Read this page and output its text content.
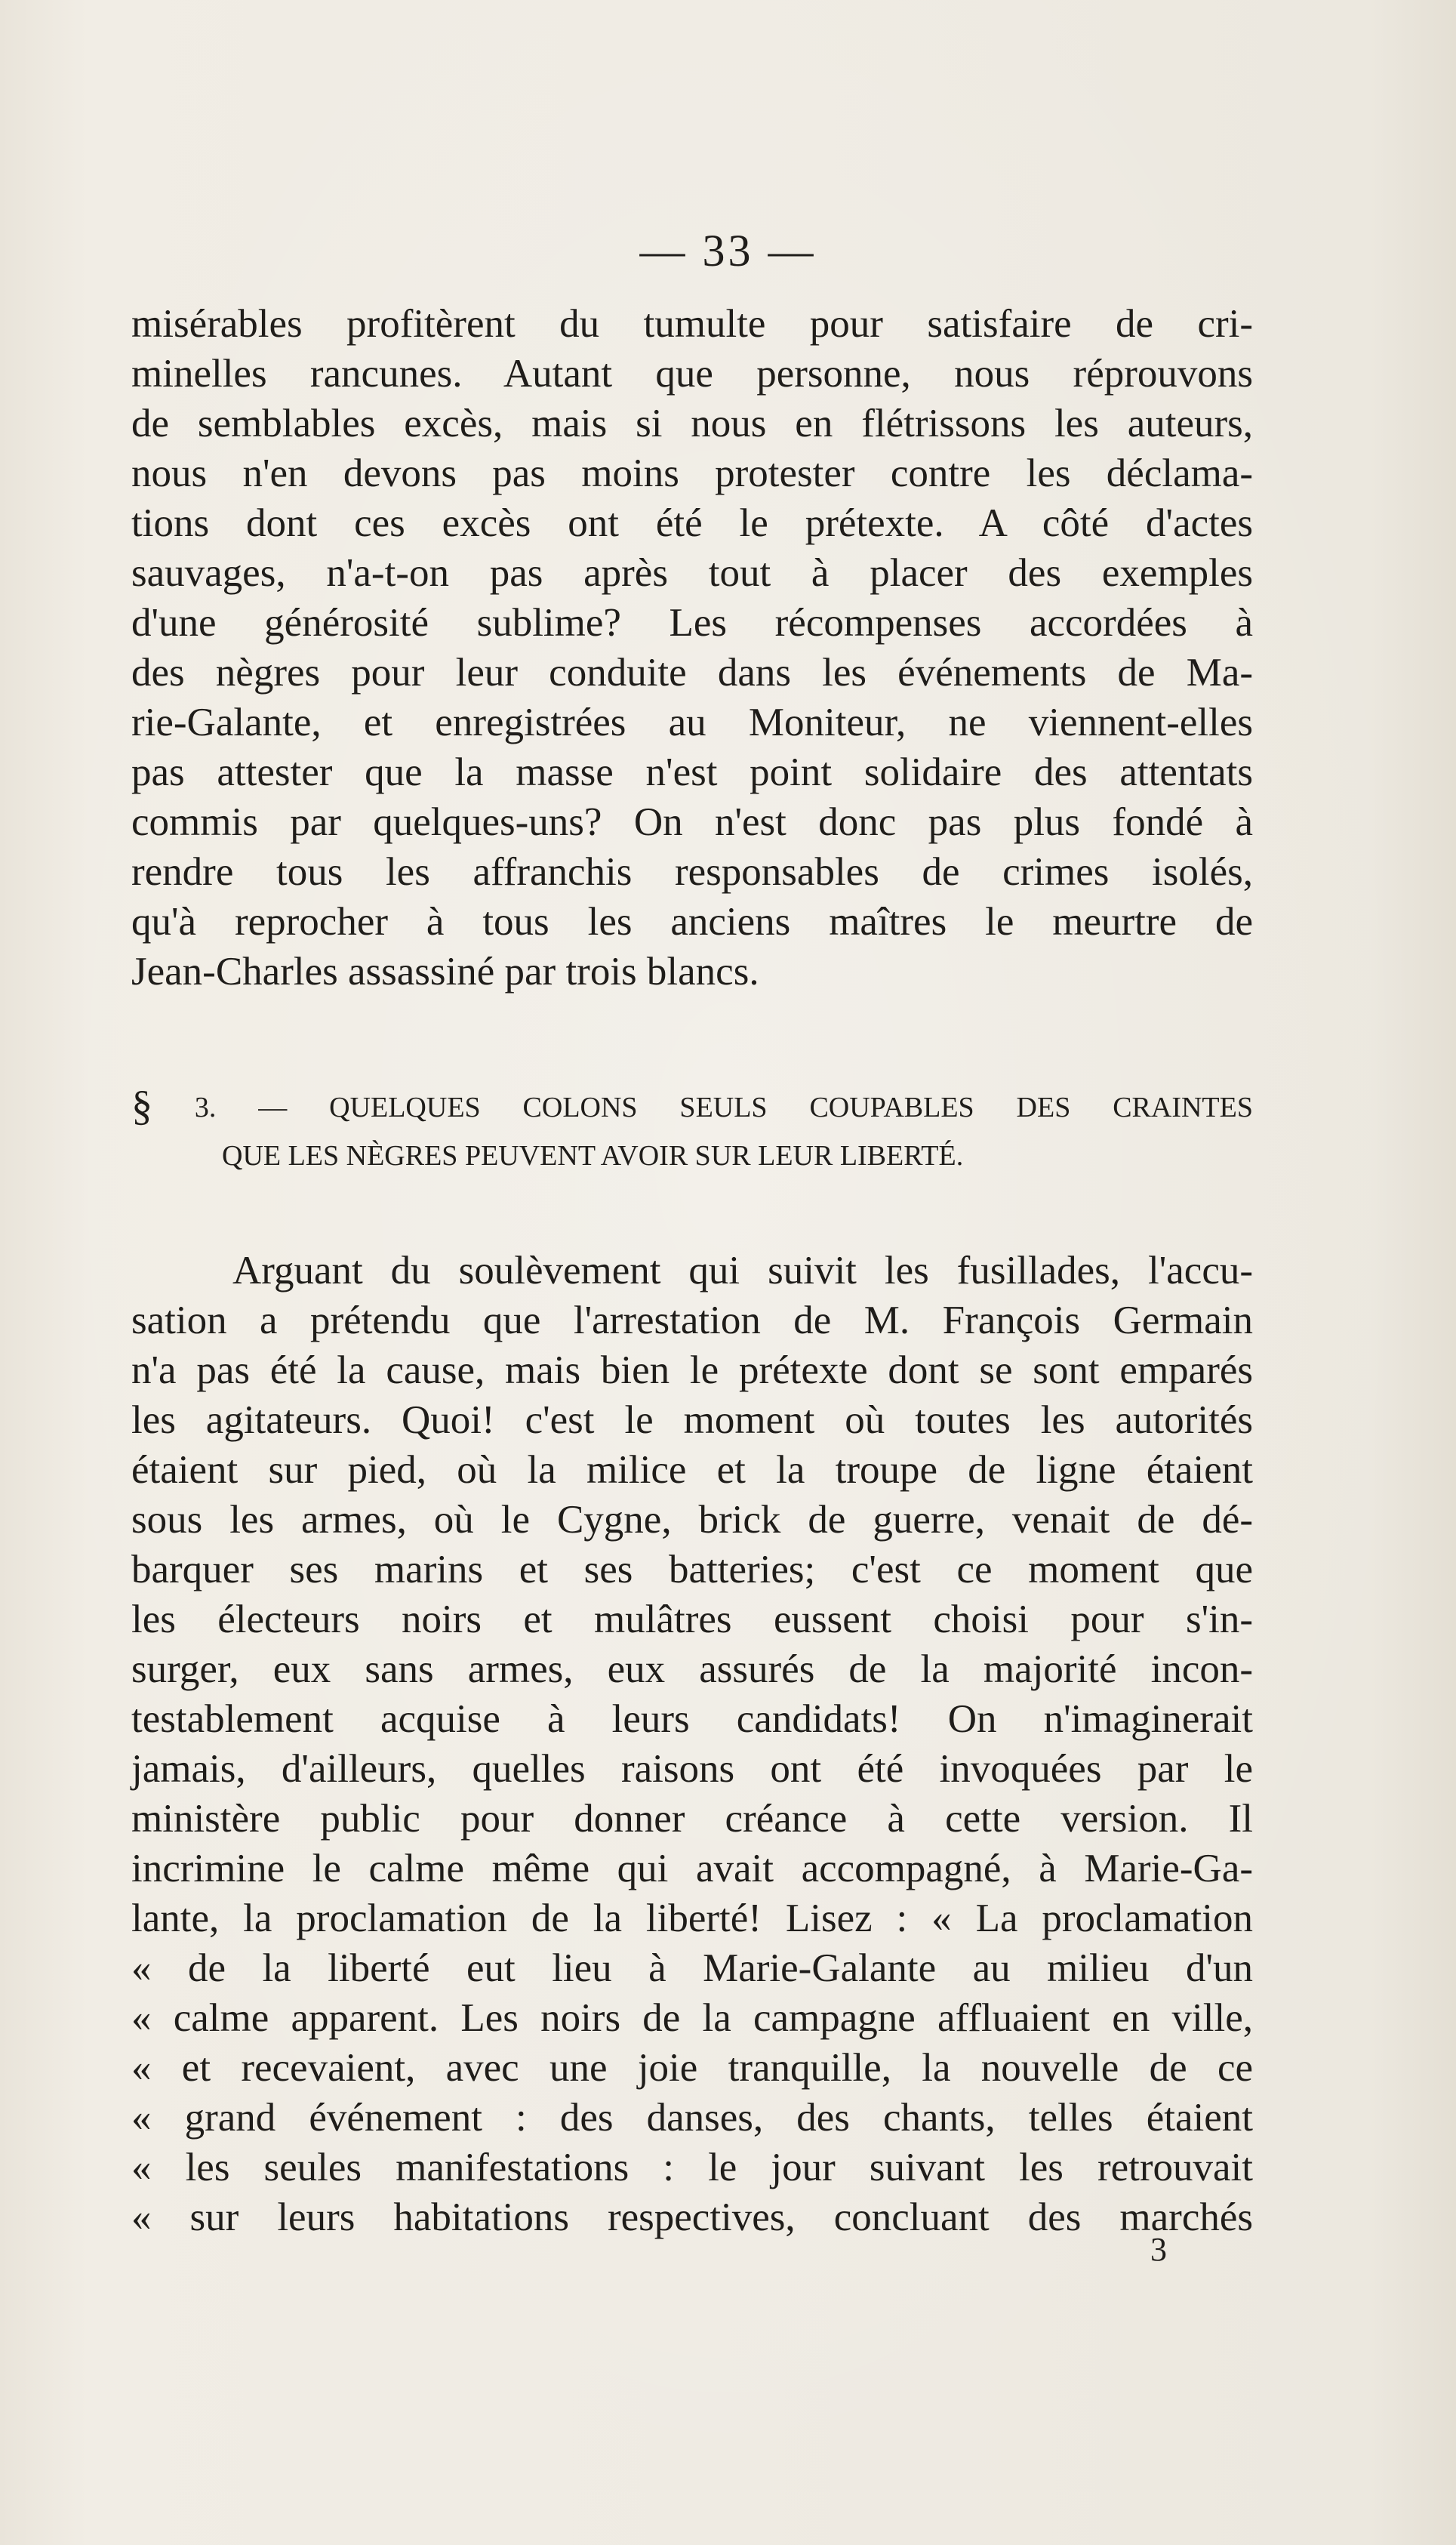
— 33 —
misérables profitèrent du tumulte pour satisfaire de cri-
minelles rancunes. Autant que personne, nous réprouvons
de semblables excès, mais si nous en flétrissons les auteurs,
nous n'en devons pas moins protester contre les déclama-
tions dont ces excès ont été le prétexte. A côté d'actes
sauvages, n'a-t-on pas après tout à placer des exemples
d'une générosité sublime? Les récompenses accordées à
des nègres pour leur conduite dans les événements de Ma-
rie-Galante, et enregistrées au Moniteur, ne viennent-elles
pas attester que la masse n'est point solidaire des attentats
commis par quelques-uns? On n'est donc pas plus fondé à
rendre tous les affranchis responsables de crimes isolés,
qu'à reprocher à tous les anciens maîtres le meurtre de
Jean-Charles assassiné par trois blancs.
§ 3. — QUELQUES COLONS SEULS COUPABLES DES CRAINTES
QUE LES NÈGRES PEUVENT AVOIR SUR LEUR LIBERTÉ.
Arguant du soulèvement qui suivit les fusillades, l'accu-
sation a prétendu que l'arrestation de M. François Germain
n'a pas été la cause, mais bien le prétexte dont se sont emparés
les agitateurs. Quoi! c'est le moment où toutes les autorités
étaient sur pied, où la milice et la troupe de ligne étaient
sous les armes, où le Cygne, brick de guerre, venait de dé-
barquer ses marins et ses batteries; c'est ce moment que
les électeurs noirs et mulâtres eussent choisi pour s'in-
surger, eux sans armes, eux assurés de la majorité incon-
testablement acquise à leurs candidats! On n'imaginerait
jamais, d'ailleurs, quelles raisons ont été invoquées par le
ministère public pour donner créance à cette version. Il
incrimine le calme même qui avait accompagné, à Marie-Ga-
lante, la proclamation de la liberté! Lisez : « La proclamation
« de la liberté eut lieu à Marie-Galante au milieu d'un
« calme apparent. Les noirs de la campagne affluaient en ville,
« et recevaient, avec une joie tranquille, la nouvelle de ce
« grand événement : des danses, des chants, telles étaient
« les seules manifestations : le jour suivant les retrouvait
« sur leurs habitations respectives, concluant des marchés
3
